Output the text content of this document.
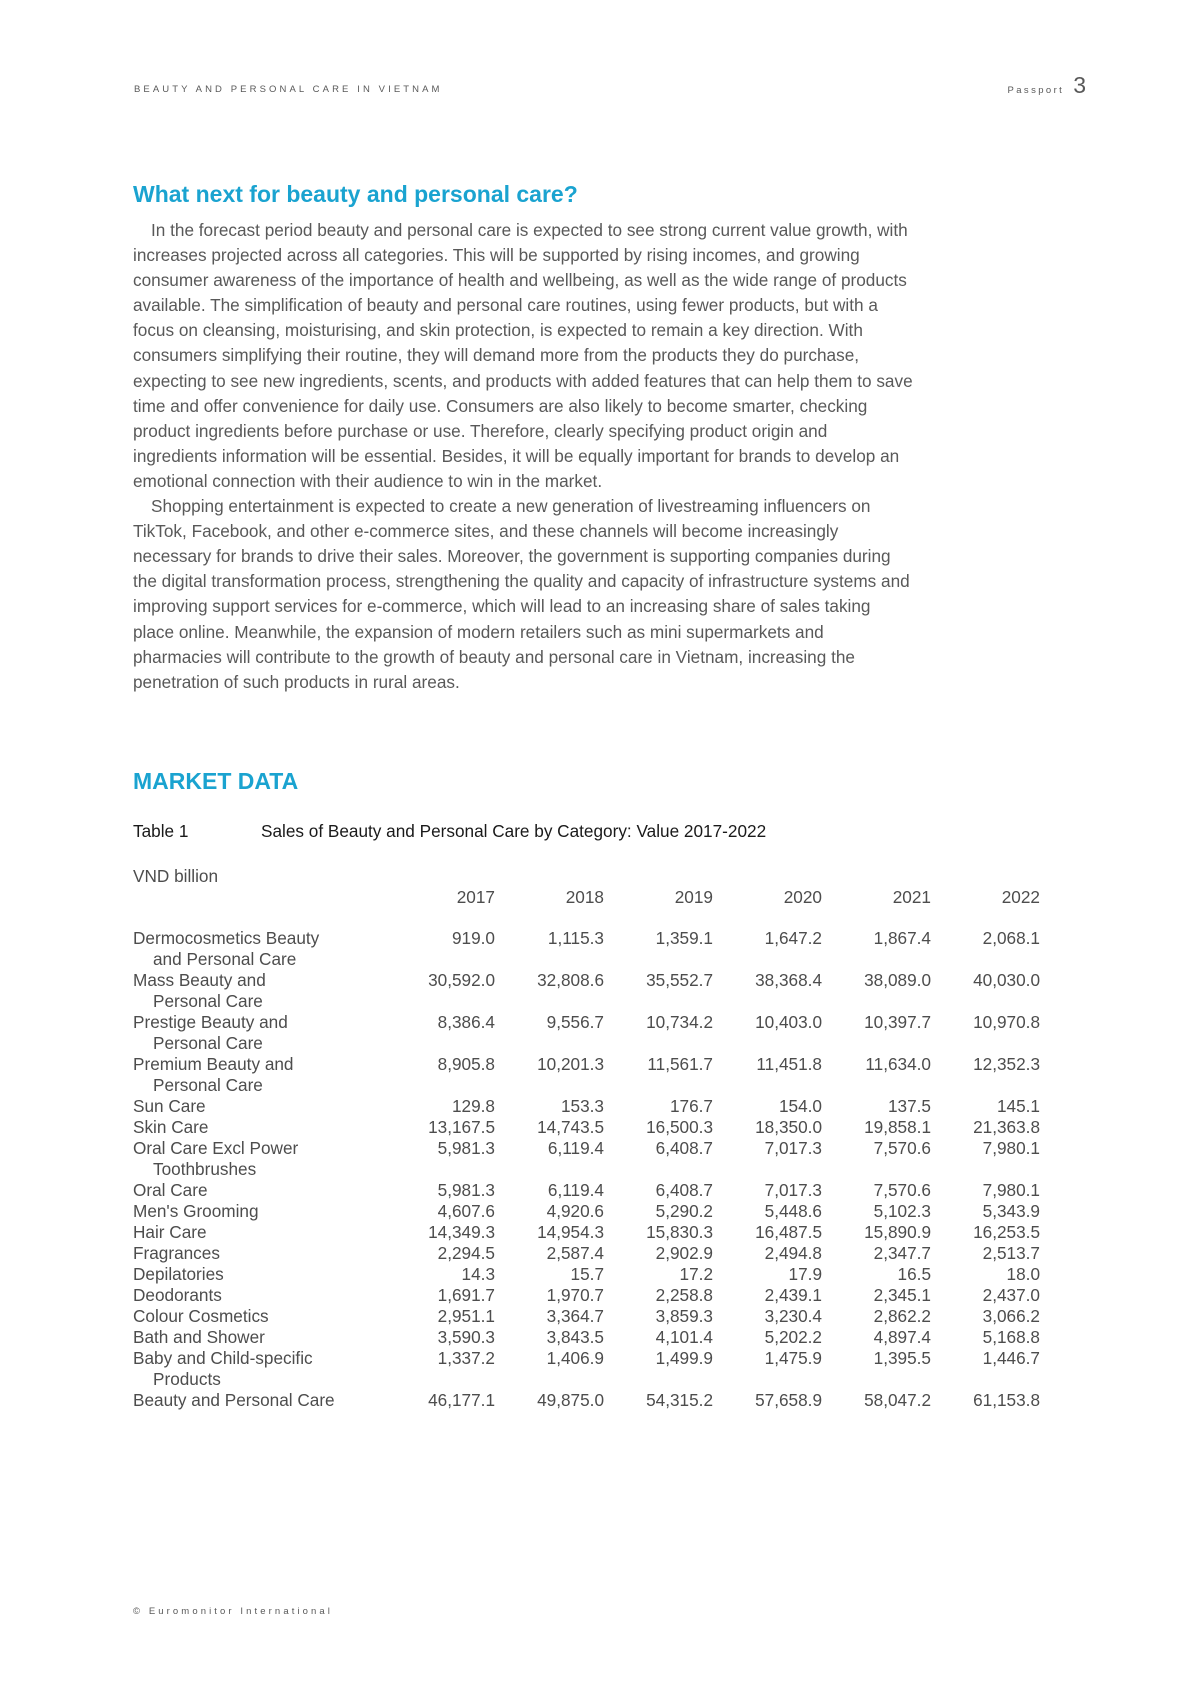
BEAUTY AND PERSONAL CARE IN VIETNAM	Passport 3
What next for beauty and personal care?

In the forecast period beauty and personal care is expected to see strong current value growth, with increases projected across all categories. This will be supported by rising incomes, and growing consumer awareness of the importance of health and wellbeing, as well as the wide range of products available. The simplification of beauty and personal care routines, using fewer products, but with a focus on cleansing, moisturising, and skin protection, is expected to remain a key direction. With consumers simplifying their routine, they will demand more from the products they do purchase, expecting to see new ingredients, scents, and products with added features that can help them to save time and offer convenience for daily use. Consumers are also likely to become smarter, checking product ingredients before purchase or use. Therefore, clearly specifying product origin and ingredients information will be essential. Besides, it will be equally important for brands to develop an emotional connection with their audience to win in the market.

Shopping entertainment is expected to create a new generation of livestreaming influencers on TikTok, Facebook, and other e-commerce sites, and these channels will become increasingly necessary for brands to drive their sales. Moreover, the government is supporting companies during the digital transformation process, strengthening the quality and capacity of infrastructure systems and improving support services for e-commerce, which will lead to an increasing share of sales taking place online. Meanwhile, the expansion of modern retailers such as mini supermarkets and pharmacies will contribute to the growth of beauty and personal care in Vietnam, increasing the penetration of such products in rural areas.

MARKET DATA
Table 1	Sales of Beauty and Personal Care by Category: Value 2017-2022
VND billion
2017	2018	2019	2020	2021	2022
Dermocosmetics Beauty
and Personal Care
919.0	1,115.3	1,359.1	1,647.2	1,867.4	2,068.1
Mass Beauty and
Personal Care
30,592.0	32,808.6	35,552.7	38,368.4	38,089.0	40,030.0
Prestige Beauty and
Personal Care
8,386.4	9,556.7	10,734.2	10,403.0	10,397.7	10,970.8
Premium Beauty and
Personal Care
8,905.8	10,201.3	11,561.7	11,451.8	11,634.0	12,352.3
Sun Care	129.8	153.3	176.7	154.0	137.5	145.1
Skin Care	13,167.5	14,743.5	16,500.3	18,350.0	19,858.1	21,363.8
Oral Care Excl Power
Toothbrushes
5,981.3	6,119.4	6,408.7	7,017.3	7,570.6	7,980.1
Oral Care	5,981.3	6,119.4	6,408.7	7,017.3	7,570.6	7,980.1
Men's Grooming	4,607.6	4,920.6	5,290.2	5,448.6	5,102.3	5,343.9
Hair Care	14,349.3	14,954.3	15,830.3	16,487.5	15,890.9	16,253.5
Fragrances	2,294.5	2,587.4	2,902.9	2,494.8	2,347.7	2,513.7
Depilatories	14.3	15.7	17.2	17.9	16.5	18.0
Deodorants	1,691.7	1,970.7	2,258.8	2,439.1	2,345.1	2,437.0
Colour Cosmetics	2,951.1	3,364.7	3,859.3	3,230.4	2,862.2	3,066.2
Bath and Shower	3,590.3	3,843.5	4,101.4	5,202.2	4,897.4	5,168.8
Baby and Child-specific
Products
1,337.2	1,406.9	1,499.9	1,475.9	1,395.5	1,446.7
Beauty and Personal Care	46,177.1	49,875.0	54,315.2	57,658.9	58,047.2	61,153.8
© Euromonitor International
